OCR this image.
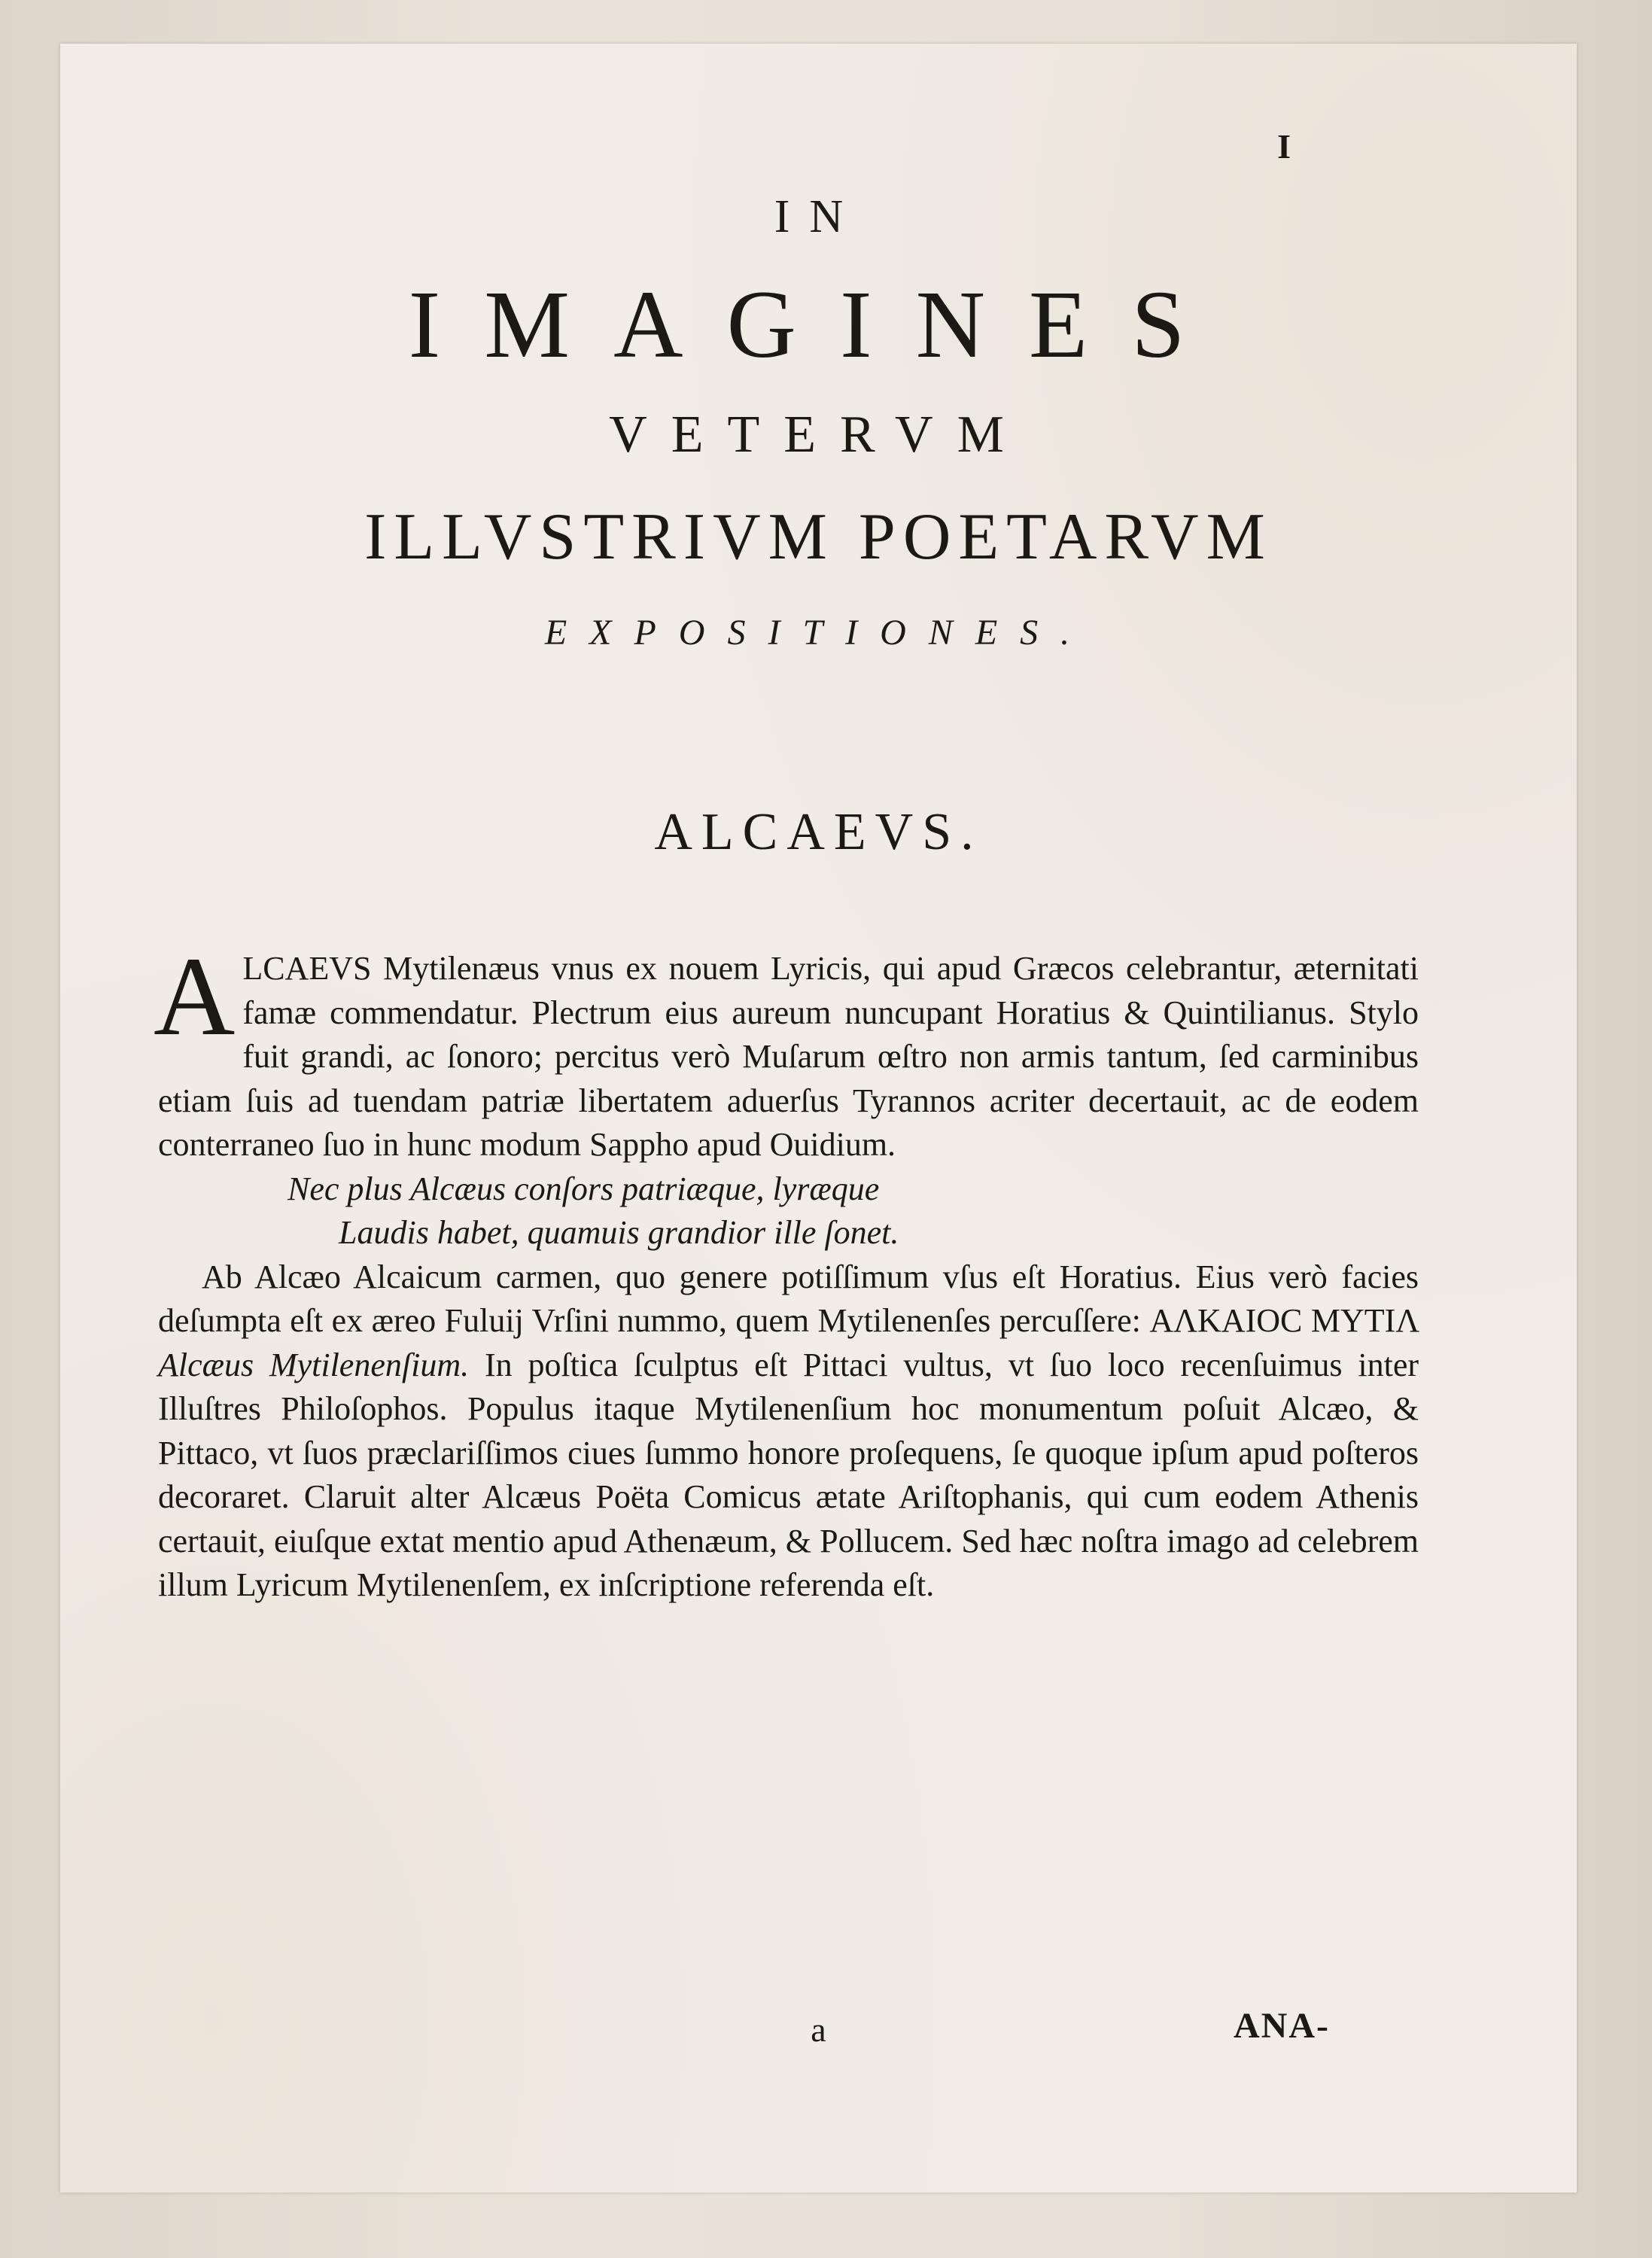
I
IN
IMAGINES
VETERVM
ILLVSTRIVM POETARVM
EXPOSITIONES.
ALCAEVS.

ALCAEVS Mytilenæus vnus ex nouem Lyricis, qui apud Græcos celebrantur, æternitati famæ commendatur. Plectrum eius aureum nuncupant Horatius & Quintilianus. Stylo fuit grandi, ac ſonoro; percitus verò Muſarum œſtro non armis tantum, ſed carminibus etiam ſuis ad tuendam patriæ libertatem aduerſus Tyrannos acriter decertauit, ac de eodem conterraneo ſuo in hunc modum Sappho apud Ouidium.

Nec plus Alcæus conſors patriæque, lyræque

Laudis habet, quamuis grandior ille ſonet.

Ab Alcæo Alcaicum carmen, quo genere potiſſimum vſus eſt Horatius. Eius verò facies deſumpta eſt ex æreo Fuluij Vrſini nummo, quem Mytilenenſes percuſſere: ΑΛΚΑΙΟC ΜΥΤΙΛ Alcæus Mytilenenſium. In poſtica ſculptus eſt Pittaci vultus, vt ſuo loco recenſuimus inter Illuſtres Philoſophos. Populus itaque Mytilenenſium hoc monumentum poſuit Alcæo, & Pittaco, vt ſuos præclariſſimos ciues ſummo honore proſequens, ſe quoque ipſum apud poſteros decoraret. Claruit alter Alcæus Poëta Comicus ætate Ariſtophanis, qui cum eodem Athenis certauit, eiuſque extat mentio apud Athenæum, & Pollucem. Sed hæc noſtra imago ad celebrem illum Lyricum Mytilenenſem, ex inſcriptione referenda eſt.

a	ANA-
